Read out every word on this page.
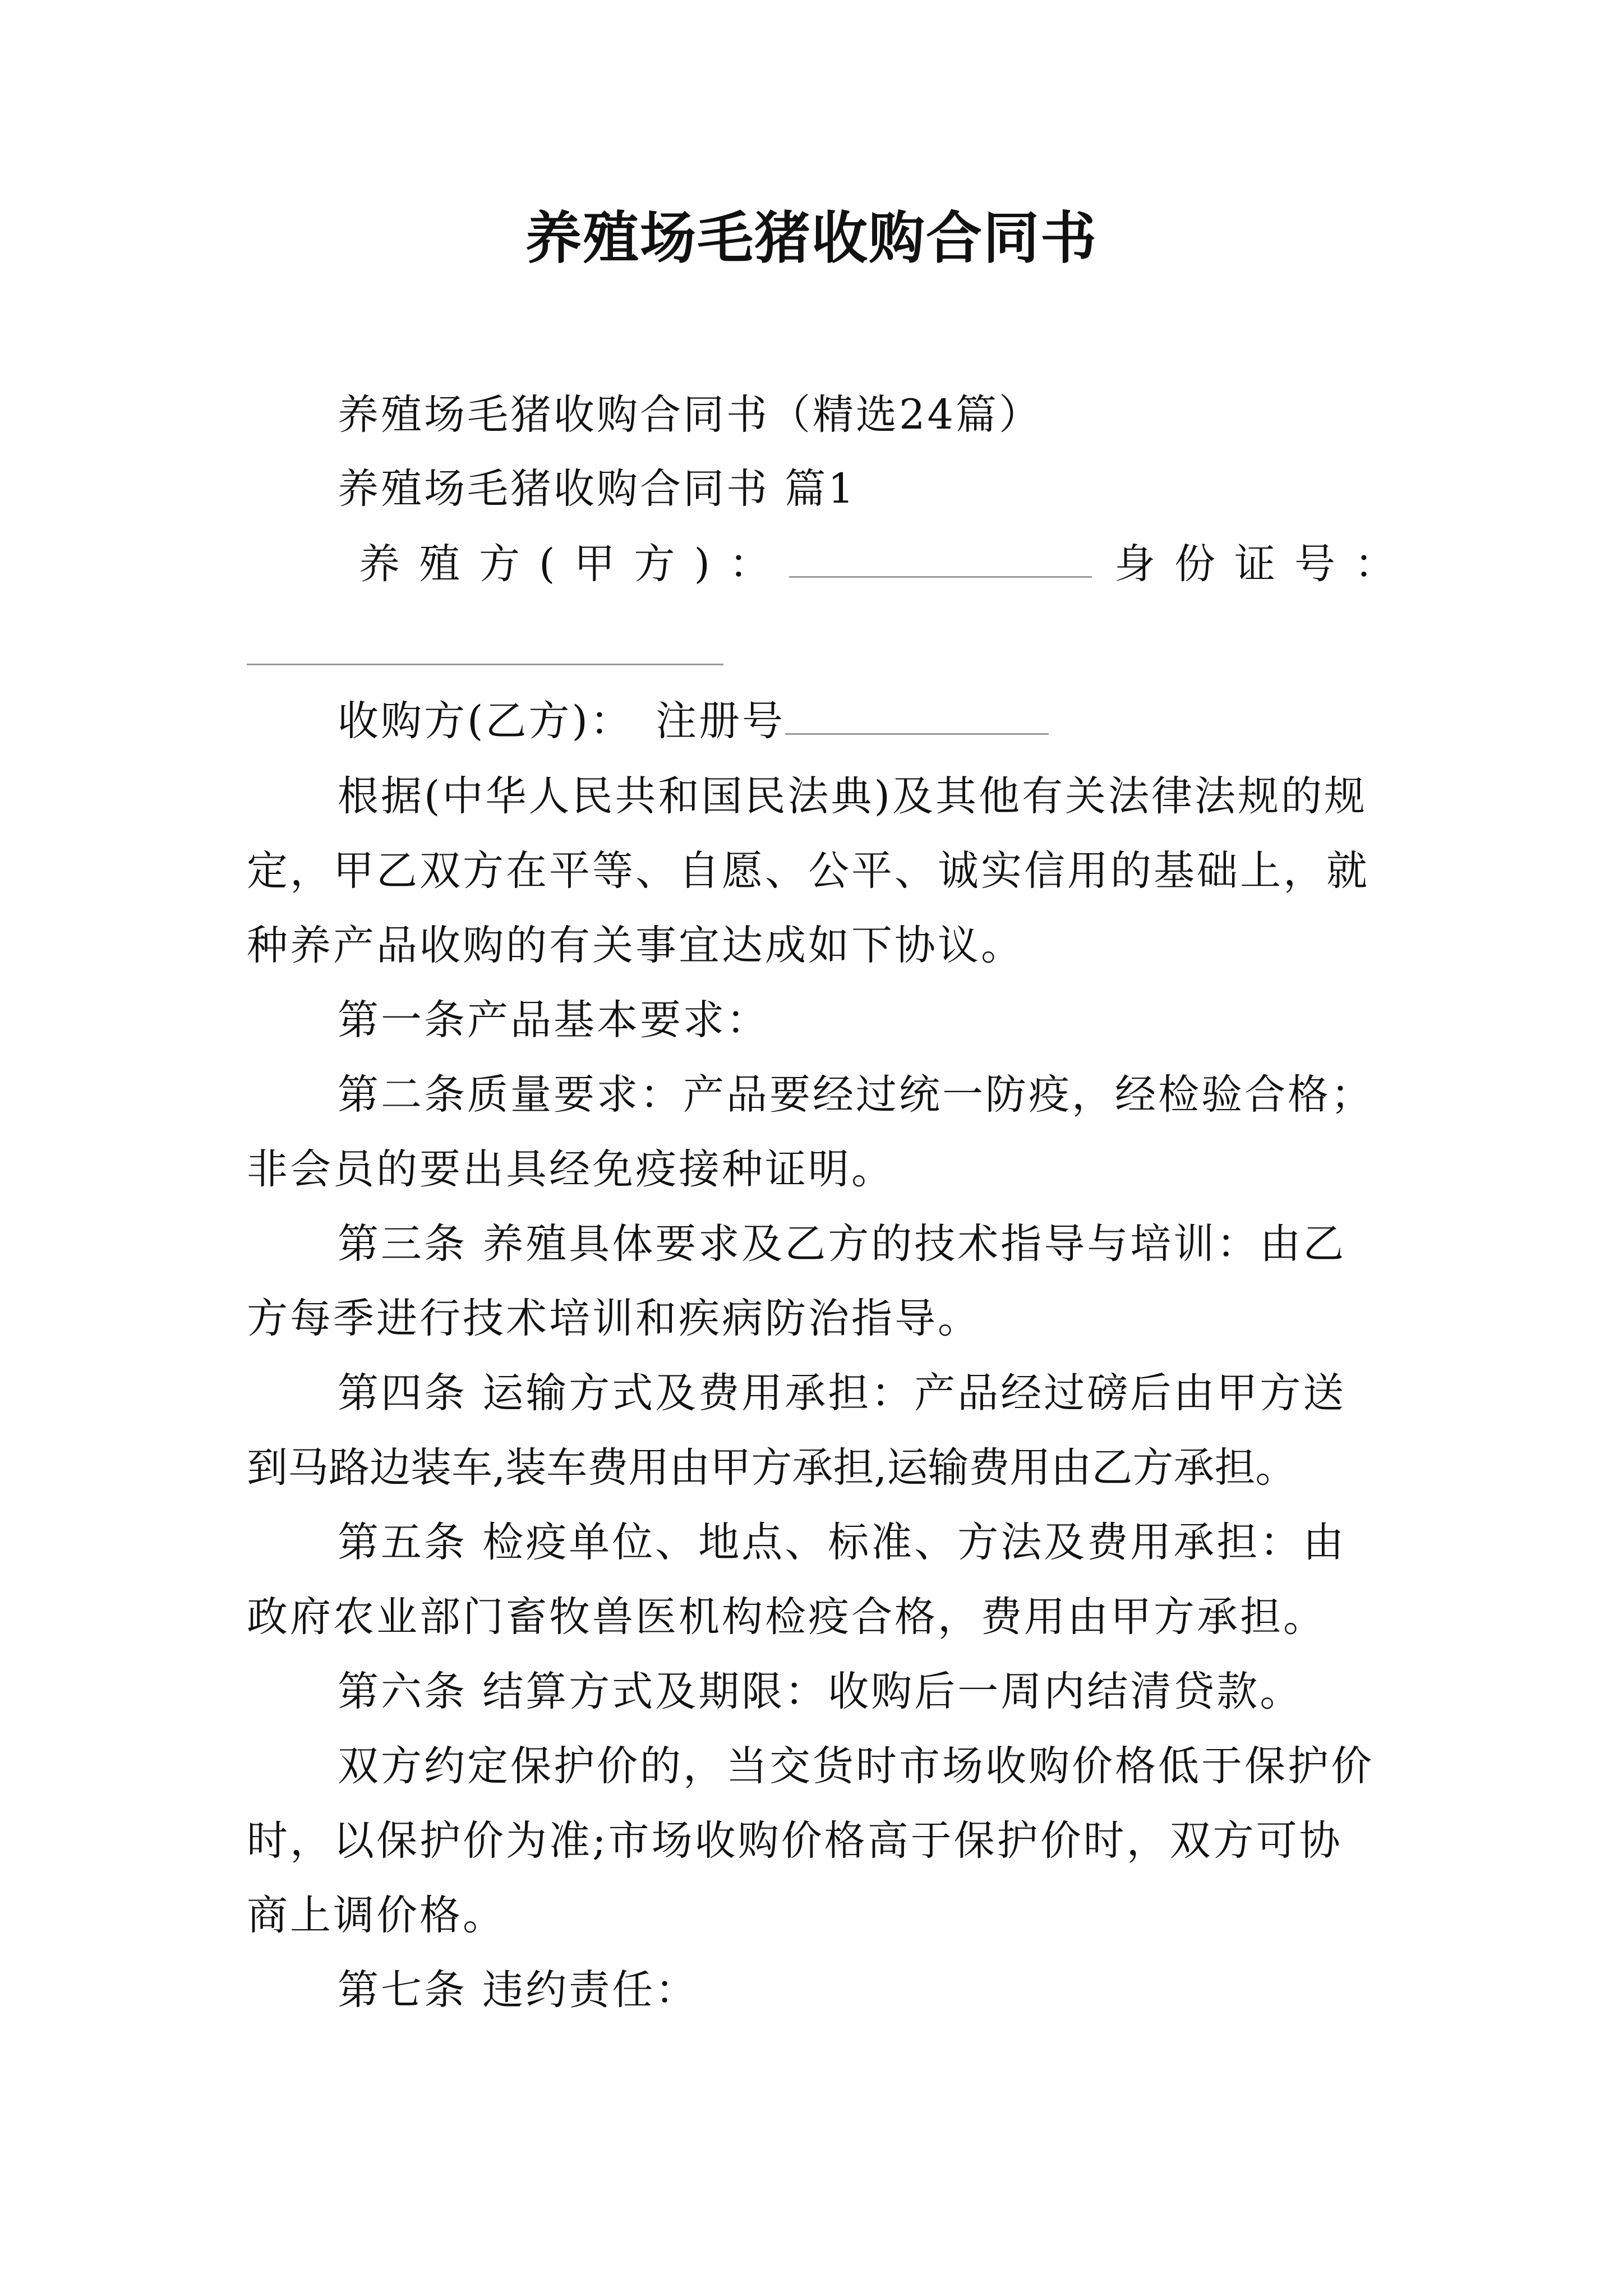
养殖场毛猪收购合同书
养殖场毛猪收购合同书（精选24篇）
养殖场毛猪收购合同书 篇1
养殖方(甲方)：	身份证号：
收购方(乙方)： 注册号
根据(中华人民共和国民法典)及其他有关法律法规的规
定，甲乙双方在平等、自愿、公平、诚实信用的基础上，就
种养产品收购的有关事宜达成如下协议。
第一条产品基本要求：
第二条质量要求：产品要经过统一防疫，经检验合格；
非会员的要出具经免疫接种证明。
第三条 养殖具体要求及乙方的技术指导与培训：由乙
方每季进行技术培训和疾病防治指导。
第四条 运输方式及费用承担：产品经过磅后由甲方送
到马路边装车,装车费用由甲方承担,运输费用由乙方承担。
第五条 检疫单位、地点、标准、方法及费用承担：由
政府农业部门畜牧兽医机构检疫合格，费用由甲方承担。
第六条 结算方式及期限：收购后一周内结清贷款。
双方约定保护价的，当交货时市场收购价格低于保护价
时，以保护价为准;市场收购价格高于保护价时，双方可协
商上调价格。
第七条 违约责任：
